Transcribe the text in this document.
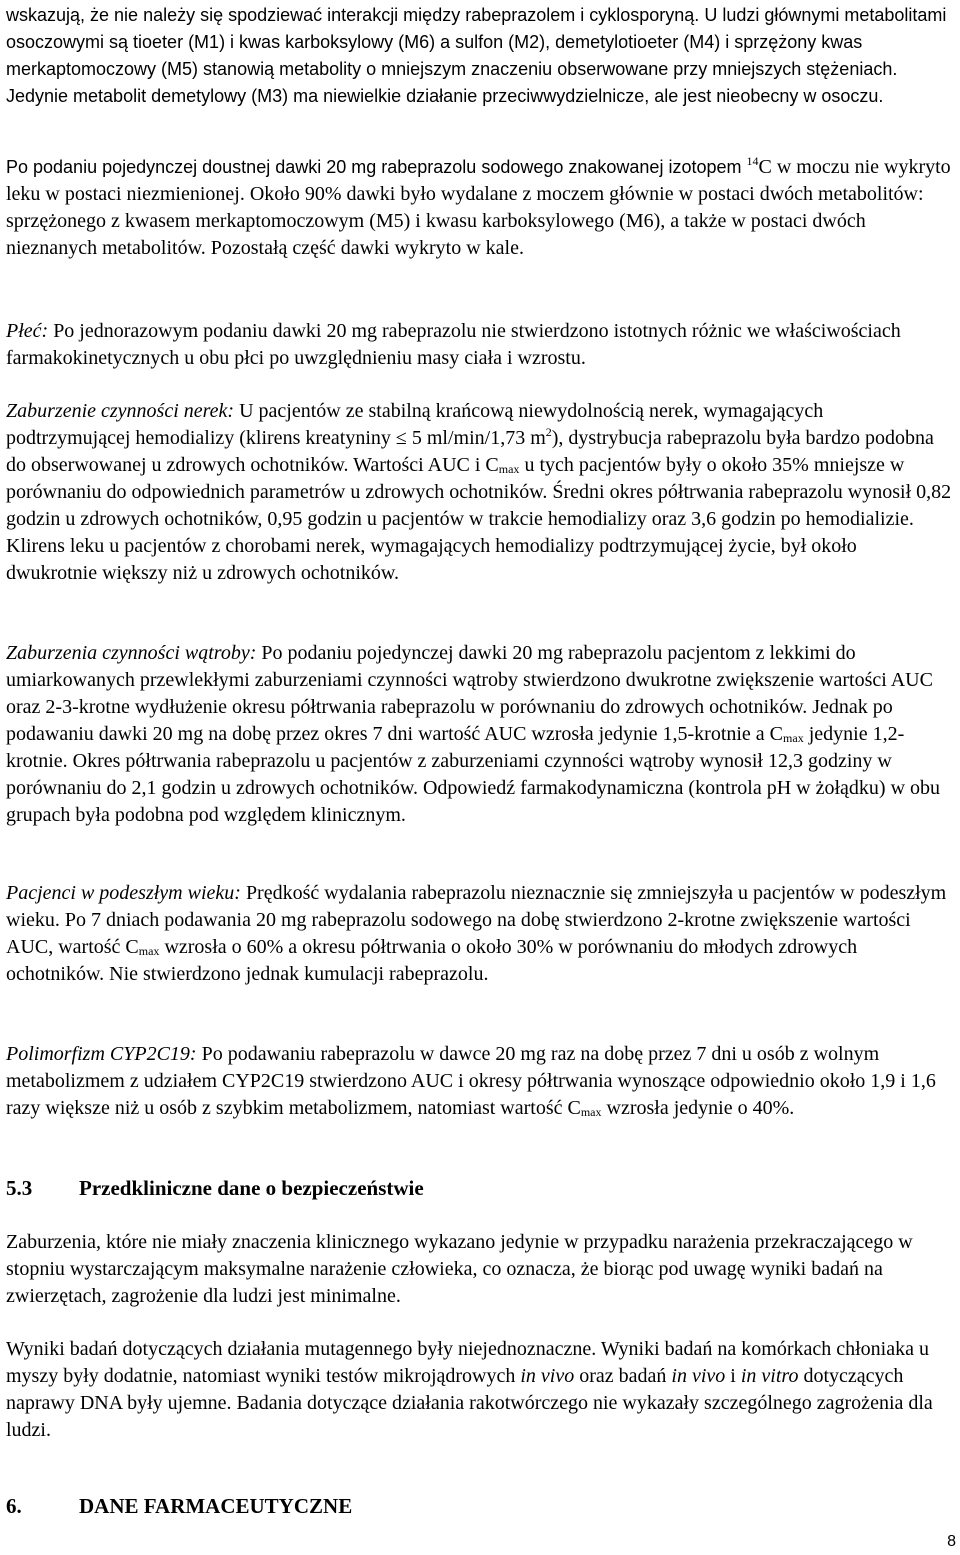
wskazują, że nie należy się spodziewać interakcji między rabeprazolem i cyklosporyną. U ludzi głównymi metabolitami osoczowymi są tioeter (M1) i kwas karboksylowy (M6) a sulfon (M2), demetylotioeter (M4) i sprzężony kwas merkaptomoczowy (M5) stanowią metabolity o mniejszym znaczeniu obserwowane przy mniejszych stężeniach. Jedynie metabolit demetylowy (M3) ma niewielkie działanie przeciwwydzielnicze, ale jest nieobecny w osoczu.

Po podaniu pojedynczej doustnej dawki 20 mg rabeprazolu sodowego znakowanej izotopem $^{14}$C w moczu nie wykryto leku w postaci niezmienionej. Około 90% dawki było wydalane z moczem głównie w postaci dwóch metabolitów: sprzężonego z kwasem merkaptomoczowym (M5) i kwasu karboksylowego (M6), a także w postaci dwóch nieznanych metabolitów. Pozostałą część dawki wykryto w kale.

Płeć: Po jednorazowym podaniu dawki 20 mg rabeprazolu nie stwierdzono istotnych różnic we właściwościach farmakokinetycznych u obu płci po uwzględnieniu masy ciała i wzrostu.

Zaburzenie czynności nerek: U pacjentów ze stabilną krańcową niewydolnością nerek, wymagających podtrzymującej hemodializy (klirens kreatyniny ≤ 5 ml/min/1,73 $m^2$), dystrybucja rabeprazolu była bardzo podobna do obserwowanej u zdrowych ochotników. Wartości AUC i $C_{max}$ u tych pacjentów były o około 35% mniejsze w porównaniu do odpowiednich parametrów u zdrowych ochotników. Średni okres półtrwania rabeprazolu wynosił 0,82 godzin u zdrowych ochotników, 0,95 godzin u pacjentów w trakcie hemodializy oraz 3,6 godzin po hemodializie. Klirens leku u pacjentów z chorobami nerek, wymagających hemodializy podtrzymującej życie, był około dwukrotnie większy niż u zdrowych ochotników.

Zaburzenia czynności wątroby: Po podaniu pojedynczej dawki 20 mg rabeprazolu pacjentom z lekkimi do umiarkowanych przewlekłymi zaburzeniami czynności wątroby stwierdzono dwukrotne zwiększenie wartości AUC oraz 2-3-krotne wydłużenie okresu półtrwania rabeprazolu w porównaniu do zdrowych ochotników. Jednak po podawaniu dawki 20 mg na dobę przez okres 7 dni wartość AUC wzrosła jedynie 1,5-krotnie a $C_{max}$ jedynie 1,2-krotnie. Okres półtrwania rabeprazolu u pacjentów z zaburzeniami czynności wątroby wynosił 12,3 godziny w porównaniu do 2,1 godzin u zdrowych ochotników. Odpowiedź farmakodynamiczna (kontrola pH w żołądku) w obu grupach była podobna pod względem klinicznym.

Pacjenci w podeszłym wieku: Prędkość wydalania rabeprazolu nieznacznie się zmniejszyła u pacjentów w podeszłym wieku. Po 7 dniach podawania 20 mg rabeprazolu sodowego na dobę stwierdzono 2-krotne zwiększenie wartości AUC, wartość $C_{max}$ wzrosła o 60% a okresu półtrwania o około 30% w porównaniu do młodych zdrowych ochotników. Nie stwierdzono jednak kumulacji rabeprazolu.

Polimorfizm CYP2C19: Po podawaniu rabeprazolu w dawce 20 mg raz na dobę przez 7 dni u osób z wolnym metabolizmem z udziałem CYP2C19 stwierdzono AUC i okresy półtrwania wynoszące odpowiednio około 1,9 i 1,6 razy większe niż u osób z szybkim metabolizmem, natomiast wartość $C_{max}$ wzrosła jedynie o 40%.

5.3 Przedkliniczne dane o bezpieczeństwie

Zaburzenia, które nie miały znaczenia klinicznego wykazano jedynie w przypadku narażenia przekraczającego w stopniu wystarczającym maksymalne narażenie człowieka, co oznacza, że biorąc pod uwagę wyniki badań na zwierzętach, zagrożenie dla ludzi jest minimalne.

Wyniki badań dotyczących działania mutagennego były niejednoznaczne. Wyniki badań na komórkach chłoniaka u myszy były dodatnie, natomiast wyniki testów mikrojądrowych in vivo oraz badań in vivo i in vitro dotyczących naprawy DNA były ujemne. Badania dotyczące działania rakotwórczego nie wykazały szczególnego zagrożenia dla ludzi.

6.	DANE FARMACEUTYCZNE
8
